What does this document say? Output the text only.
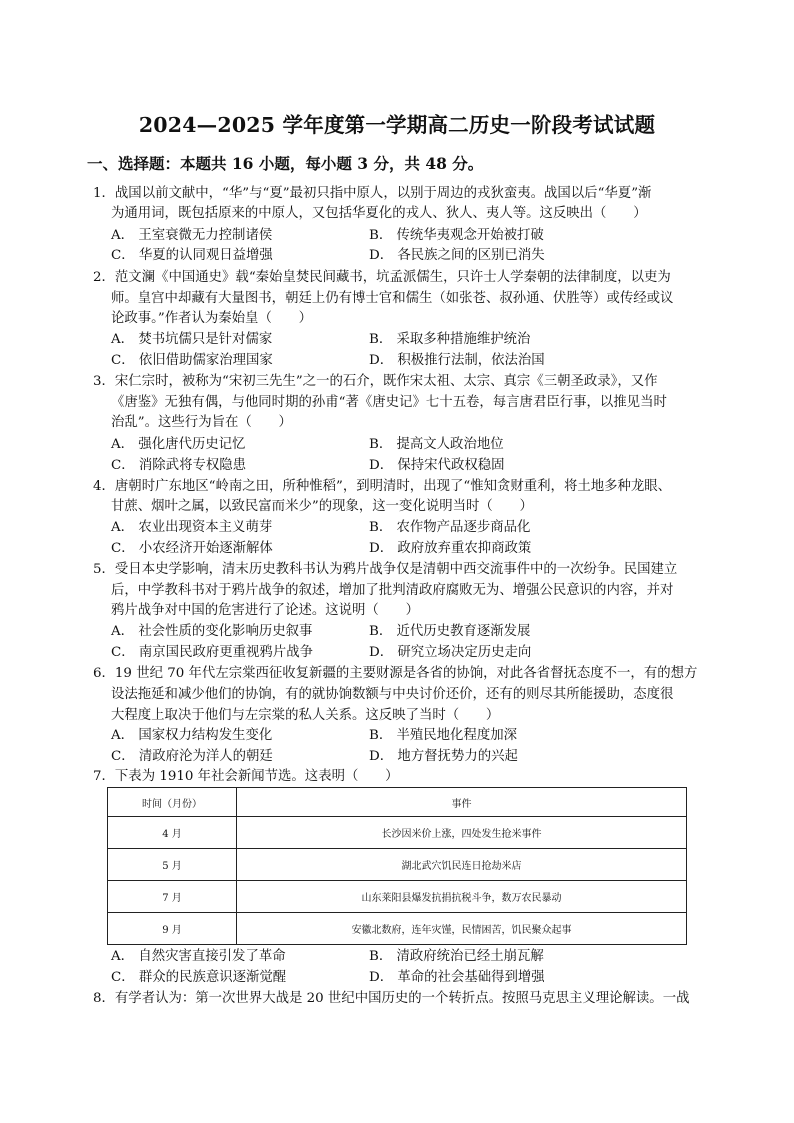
2024—2025 学年度第一学期高二历史一阶段考试试题
一、选择题：本题共 16 小题，每小题 3 分，共 48 分。
1．战国以前文献中，“华”与“夏”最初只指中原人，以别于周边的戎狄蛮夷。战国以后“华夏”渐
为通用词，既包括原来的中原人，又包括华夏化的戎人、狄人、夷人等。这反映出（　　）
A． 王室衰微无力控制诸侯	B． 传统华夷观念开始被打破
C． 华夏的认同观日益增强	D． 各民族之间的区别已消失
2．范文澜《中国通史》载“秦始皇焚民间藏书，坑孟派儒生，只许士人学秦朝的法律制度，以吏为
师。皇宫中却藏有大量图书，朝廷上仍有博士官和儒生（如张苍、叔孙通、伏胜等）或传经或议
论政事。”作者认为秦始皇（　　）
A． 焚书坑儒只是针对儒家	B． 采取多种措施维护统治
C． 依旧借助儒家治理国家	D． 积极推行法制，依法治国
3．宋仁宗时，被称为“宋初三先生”之一的石介，既作宋太祖、太宗、真宗《三朝圣政录》，又作
《唐鉴》无独有偶，与他同时期的孙甫“著《唐史记》七十五卷，每言唐君臣行事，以推见当时
治乱”。这些行为旨在（　　）
A． 强化唐代历史记忆	B． 提高文人政治地位
C． 消除武将专权隐患	D． 保持宋代政权稳固
4．唐朝时广东地区“岭南之田，所种惟稻”，到明清时，出现了“惟知贪财重利，将土地多种龙眼、
甘蔗、烟叶之属，以致民富而米少”的现象，这一变化说明当时（　　）
A． 农业出现资本主义萌芽	B． 农作物产品逐步商品化
C． 小农经济开始逐渐解体	D． 政府放弃重农抑商政策
5．受日本史学影响，清末历史教科书认为鸦片战争仅是清朝中西交流事件中的一次纷争。民国建立
后，中学教科书对于鸦片战争的叙述，增加了批判清政府腐败无为、增强公民意识的内容，并对
鸦片战争对中国的危害进行了论述。这说明（　　）
A． 社会性质的变化影响历史叙事	B． 近代历史教育逐渐发展
C． 南京国民政府更重视鸦片战争	D． 研究立场决定历史走向
6．19 世纪 70 年代左宗棠西征收复新疆的主要财源是各省的协饷，对此各省督抚态度不一，有的想方
设法拖延和减少他们的协饷，有的就协饷数额与中央讨价还价，还有的则尽其所能援助，态度很
大程度上取决于他们与左宗棠的私人关系。这反映了当时（　　）
A． 国家权力结构发生变化	B． 半殖民地化程度加深
C． 清政府沦为洋人的朝廷	D． 地方督抚势力的兴起
7．下表为 1910 年社会新闻节选。这表明（　　）
时间（月份）	事件
4 月	长沙因米价上涨，四处发生抢米事件
5 月	湖北武穴饥民连日抢劫米店
7 月	山东莱阳县爆发抗捐抗税斗争，数万农民暴动
9 月	安徽北数府，连年灾馑，民情困苦，饥民聚众起事
A． 自然灾害直接引发了革命	B． 清政府统治已经土崩瓦解
C． 群众的民族意识逐渐觉醒	D． 革命的社会基础得到增强
8．有学者认为：第一次世界大战是 20 世纪中国历史的一个转折点。按照马克思主义理论解读。一战
